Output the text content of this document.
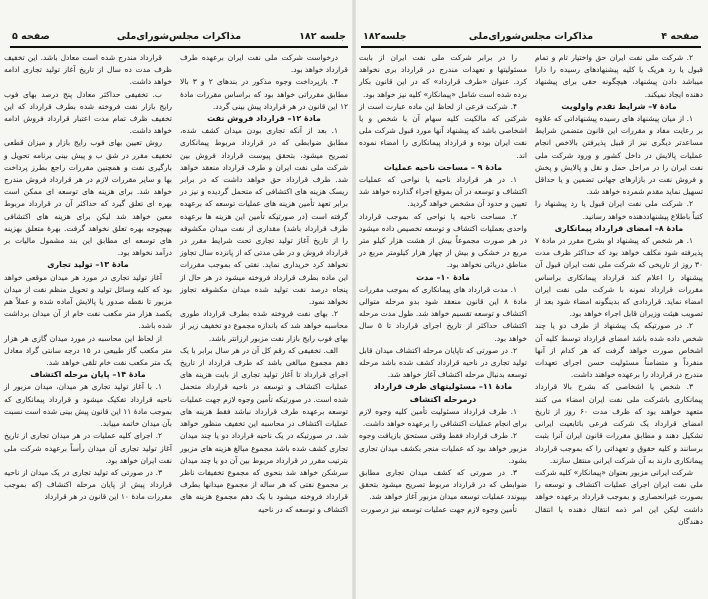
جلسه ۱۸۲
مذاکرات مجلس‌شورای‌ملی
صفحه ۵

درخواست شرکت ملی نفت ایران برعهده طرف قرارداد خواهد بود.

۴. بازپرداخت وجوه مذکور در بندهای ۲ و ۳ بالا مطابق مقرراتی خواهد بود که براساس مقررات مادهٔ ۱۲ این قانون در هر قرارداد پیش بینی گردد.

مادهٔ ۱۲– قرارداد فروش نفت

۱. بعد از آنکه تجاری بودن میدان کشف شده، مطابق ضوابطی که در قرارداد مربوط پیمانکاری تصریح میشود، بتحقق پیوست قرارداد فروش بین شرکت ملی نفت ایران و طرف قرارداد منعقد خواهد شد. طرف قرارداد حق خواهد داشت که در برابر ریسک هزینه های اکتشافی که متحمل گردیده و نیز در برابر تعهد تأمین هزینه های عملیات توسعه که برعهده گرفته است (در صورتیکه تأمین این هزینه ها برعهده طرف قرارداد باشد) مقداری از نفت میدان مکشوفه را از تاریخ آغاز تولید تجاری تحت شرایط مقرر در قرارداد فروش و در طی مدتی که از پانزده سال تجاوز نخواهد کرد خریداری نماید. نفتی که بموجب مقررات این ماده بطرف قرارداد فروخته میشود در هر حال از پنجاه درصد نفت تولید شده میدان مکشوفه تجاوز نخواهد نمود.

۲. بهای نفت فروخته شده بطرف قرارداد طوری محاسبه خواهد شد که باندازه مجموع دو تخفیف زیر از بهای فوب رایج بازار نفت مزبور ارزانتر باشد.

الف. تخفیفی که رقم کل آن در هر سال برابر با یک دهم مجموع مبالغی باشد که طرف قرارداد از تاریخ اجرای قرارداد تا آغاز تولید تجاری از بابت هزینه های عملیات اکتشاف و توسعه در ناحیه قرارداد متحمل شده است. در صورتیکه تأمین وجوه لازم جهت عملیات توسعه برعهده طرف قرارداد نباشد فقط هزینه های عملیات اکتشاف در محاسبه این تخفیف منظور خواهد شد. در صورتیکه در یک ناحیه قرارداد دو یا چند میدان تجاری کشف شده باشد مجموع مبالغ هزینه های مزبور بترتیب مقرر در قرارداد مربوط بین آن دو یا چند میدان سرشکن خواهد شد بنحوی که مجموع تخفیفات ناظر بر مجموع نفتی که هر ساله از مجموع میدانها بطرف قرارداد فروخته میشود با یک دهم مجموع هزینه های اکتشاف و توسعه که در ناحیه

قرارداد مندرج شده است معادل باشد. این تخفیف ظرف مدت ده سال از تاریخ آغاز تولید تجاری ادامه خواهد داشت.

ب. تخفیفی حداکثر معادل پنج درصد بهای فوب رایج بازار نفت فروخته شده بطرف قرارداد که این تخفیف ظرف تمام مدت اعتبار قرارداد فروش ادامه خواهد داشت.

روش تعیین بهای فوب رایج بازار و میزان قطعی تخفیف مقرر در شق ب و پیش بینی برنامه تحویل و بارگیری نفت و همچنین مقررات راجع بطرز پرداخت بها و سایر مقررات لازم در هر قرارداد فروش مندرج خواهد شد. برای هزینه های توسعه ای ممکن است بهره ای تعلق گیرد که حداکثر آن در قرارداد مربوط معین خواهد شد لیکن برای هزینه های اکتشافی بهیچوجه بهره تعلق نخواهد گرفت. بهرهٔ متعلق بهزینه های توسعه ای مطابق این بند مشمول مالیات بر درآمد نخواهد بود.

مادهٔ ۱۳– تولید تجاری

آغاز تولید تجاری در مورد هر میدان موقعی خواهد بود که کلیه وسائل تولید و تحویل منظم نفت از میدان مزبور تا نقطه صدور یا پالایش آماده شده و عملاً هم یکصد هزار متر مکعب نفت خام از آن میدان برداشت شده باشد.

از لحاظ این محاسبه در مورد میدان گازی هر هزار متر مکعب گاز طبیعی در ۱۵ درجه سانتی گراد معادل یک متر مکعب نفت خام تلقی خواهد شد.

مادهٔ ۱۴– پایان مرحله اکتشاف

۱. با آغاز تولید تجاری هر میدان، میدان مزبور از ناحیه قرارداد تفکیک میشود و قرارداد پیمانکاری که بموجب مادهٔ ۱۱ این قانون پیش بینی شده است نسبت بآن میدان خاتمه مییابد.

۲. اجرای کلیه عملیات در هر میدان تجاری از تاریخ آغاز تولید تجاری آن میدان رأساً برعهده شرکت ملی نفت ایران خواهد بود.

۳. در صورتی که تولید تجاری در یک میدان از ناحیه قرارداد پیش از پایان مرحله اکتشاف (که بموجب مقررات مادهٔ ۱۰ این قانون در هر قرارداد

صفحه ۴
مذاکرات مجلس‌شورای‌ملی
جلسه۱۸۲

۲. شرکت ملی نفت ایران حق واختیار تام و تمام قبول یا رد هریک یا کلیه پیشنهادهای رسیده را دارا میباشد دادن پیشنهاد، هیچگونه حقی برای پیشنهاد دهنده ایجاد نمیکند.

مادهٔ ۷– شرایط تقدم واولویت

۱. از میان پیشنهاد های رسیده پیشنهاداتی که علاوه بر رعایت مفاد و مقررات این قانون متضمن شرایط مساعدتر دیگری نیز از قبیل پذیرفتن بالاخص انجام عملیات پالایش در داخل کشور و ورود شرکت ملی نفت ایران را در مراحل حمل و نقل و پالایش و پخش و فروش نفت در بازارهای جهانی تضمین و یا حداقل تسهیل نماید مقدم شمرده خواهد شد.

۲. شرکت ملی نفت ایران قبول یا رد پیشنهاد را کتباً باطلاع پیشنهاددهنده خواهد رسانید.

مادهٔ ۸– امضای قرارداد پیمانکاری

۱. هر شخص که پیشنهاد او بشرح مقرر در مادهٔ ۷ پذیرفته شود مکلف خواهد بود که حداکثر ظرف مدت ۳۰ روز از تاریخی که شرکت ملی نفت ایران قبول آن پیشنهاد را اعلام کند قرارداد پیمانکاری براساس مقررات قرارداد نمونه با شرکت ملی نفت ایران امضاء نماید. قراردادی که بدینگونه امضاء شود بعد از تصویب هیئت وزیران قابل اجراء خواهد بود.

۲. در صورتیکه یک پیشنهاد از طرف دو یا چند شخص داده شده باشد امضای قرارداد توسط کلیه آن اشخاص صورت خواهد گرفت که هر کدام از آنها منفرداً و متضامناً مسئولیت حسن اجرای تعهدات مندرج در قرارداد را برعهده خواهند داشت.

۳. شخص یا اشخاصی که بشرح بالا قرارداد پیمانکاری باشرکت ملی نفت ایران امضاء می کنند متعهد خواهند بود که ظرف مدت ۶۰ روز از تاریخ امضای قرارداد یک شرکت فرعی باتابعیت ایرانی تشکیل دهند و مطابق مقررات قانون ایران آنرا بثبت برسانند و کلیه حقوق و تعهداتی را که بموجب قرارداد پیمانکاری دارند به آن شرکت ایرانی منتقل سازند.

شرکت ایرانی مزبور بعنوان «پیمانکار» کلیه شرکت ملی نفت ایران اجرای عملیات اکتشاف و توسعه را بصورت غیرانحصاری و بموجب قرارداد برعهده خواهد داشت لیکن این امر ذمه انتقال دهنده یا انتقال دهندگان

را در برابر شرکت ملی نفت ایران از بابت مسئولیتها و تعهدات مندرج در قرارداد بری نخواهد کرد. عنوان «طرف قرارداد» که در این قانون بکار برده شده است شامل «پیمانکار» کلیه نیز خواهد بود.

۴. شرکت فرعی از لحاظ این ماده عبارت است از شرکتی که مالکیت کلیه سهام آن با شخص و یا اشخاصی باشد که پیشنهاد آنها مورد قبول شرکت ملی نفت ایران بوده و قرارداد پیمانکاری را امضاء نموده اند.

مادهٔ ۹ – مساحت ناحیه عملیات

۱. در هر قرارداد ناحیه یا نواحی که عملیات اکتشاف و توسعه در آن بموقع اجراء گذارده خواهد شد تعیین و حدود آن مشخص خواهد گردید.

۲. مساحت ناحیه یا نواحی که بموجب قرارداد واحدی بعملیات اکتشاف و توسعه تخصیص داده میشود در هر صورت مجموعاً بیش از هشت هزار کیلو متر مربع در خشکی و بیش از چهار هزار کیلومتر مربع در مناطق دریائی نخواهد بود.

مادهٔ ۱۰– مدت

۱. مدت قرارداد های پیمانکاری که بموجب مقررات مادهٔ ۸ این قانون منعقد شود بدو مرحله متوالی اکتشاف و توسعه تقسیم خواهد شد. طول مدت مرحله اکتشاف حداکثر از تاریخ اجرای قرارداد تا ۵ سال خواهد بود.

۲. در صورتی که تاپایان مرحله اکتشاف میدان قابل تولید تجاری در ناحیه قرارداد کشف شده باشد مرحله توسعه بدنبال مرحله اکتشاف آغاز خواهد شد.

مادهٔ ۱۱– مسئولیتهای طرف قرارداد درمرحله اکتشاف

۱. طرف قرارداد مسئولیت تأمین کلیه وجوه لازم برای انجام عملیات اکتشافی را برعهده خواهد داشت.

۲. طرف قرارداد فقط وقتی مستحق بازیافت وجوه مزبور خواهد بود که عملیات منجر بکشف میدان تجاری بشود.

۳. در صورتی که کشف میدان تجاری مطابق ضوابطی که در قرارداد مربوط تصریح میشود بتحقق بپیوندد عملیات توسعه میدان مزبور آغاز خواهد شد.

تأمین وجوه لازم جهت عملیات توسعه نیز درصورت
